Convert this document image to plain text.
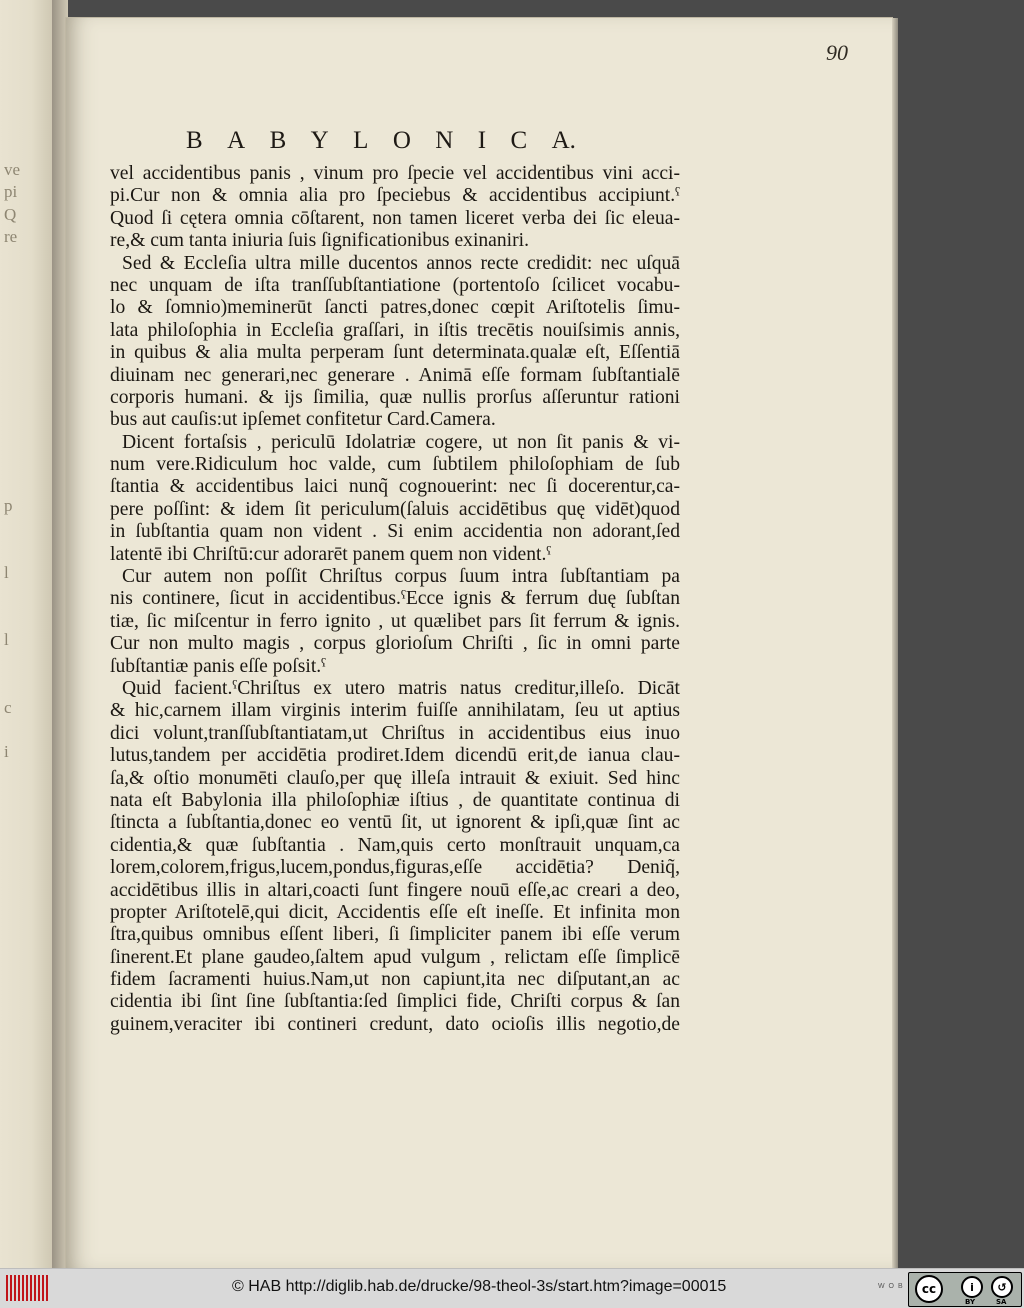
ve
pi
Q
re
p
l
l
c
i
90
B A B Y L O N I C A.
vel accidentibus panis , vinum pro ſpecie vel accidentibus vini acci-
pi.Cur non & omnia alia pro ſpeciebus & accidentibus accipiunt.ˁ
Quod ſi cętera omnia cōſtarent, non tamen liceret verba dei ſic eleua-
re,& cum tanta iniuria ſuis ſignificationibus exinaniri.
Sed & Eccleſia ultra mille ducentos annos recte credidit: nec uſquā
nec unquam de iſta tranſſubſtantiatione (portentoſo ſcilicet vocabu-
lo & ſomnio)meminerūt ſancti patres,donec cœpit Ariſtotelis ſimu-
lata philoſophia in Eccleſia graſſari, in iſtis trecētis nouiſsimis annis,
in quibus & alia multa perperam ſunt determinata.qualæ eſt, Eſſentiā
diuinam nec generari,nec generare . Animā eſſe formam ſubſtantialē
corporis humani. & ijs ſimilia, quæ nullis prorſus aſſeruntur rationi
bus aut cauſis:ut ipſemet confitetur Card.Camera.
Dicent fortaſsis , periculū Idolatriæ cogere, ut non ſit panis & vi-
num vere.Ridiculum hoc valde, cum ſubtilem philoſophiam de ſub
ſtantia & accidentibus laici nunq̃ cognouerint: nec ſi docerentur,ca-
pere poſſint: & idem ſit periculum(ſaluis accidētibus quę vidēt)quod
in ſubſtantia quam non vident . Si enim accidentia non adorant,ſed
latentē ibi Chriſtū:cur adorarēt panem quem non vident.ˁ
Cur autem non poſſit Chriſtus corpus ſuum intra ſubſtantiam pa
nis continere, ſicut in accidentibus.ˁEcce ignis & ferrum duę ſubſtan
tiæ, ſic miſcentur in ferro ignito , ut quælibet pars ſit ferrum & ignis.
Cur non multo magis , corpus glorioſum Chriſti , ſic in omni parte
ſubſtantiæ panis eſſe poſsit.ˁ
Quid facient.ˁChriſtus ex utero matris natus creditur,illeſo. Dicāt
& hic,carnem illam virginis interim fuiſſe annihilatam, ſeu ut aptius
dici volunt,tranſſubſtantiatam,ut Chriſtus in accidentibus eius inuo
lutus,tandem per accidētia prodiret.Idem dicendū erit,de ianua clau-
ſa,& oſtio monumēti clauſo,per quę illeſa intrauit & exiuit. Sed hinc
nata eſt Babylonia illa philoſophiæ iſtius , de quantitate continua di
ſtincta a ſubſtantia,donec eo ventū ſit, ut ignorent & ipſi,quæ ſint ac
cidentia,& quæ ſubſtantia . Nam,quis certo monſtrauit unquam,ca
lorem,colorem,frigus,lucem,pondus,figuras,eſſe accidētia? Deniq̃,
accidētibus illis in altari,coacti ſunt fingere nouū eſſe,ac creari a deo,
propter Ariſtotelē,qui dicit, Accidentis eſſe eſt ineſſe. Et infinita mon
ſtra,quibus omnibus eſſent liberi, ſi ſimpliciter panem ibi eſſe verum
ſinerent.Et plane gaudeo,ſaltem apud vulgum , relictam eſſe ſimplicē
fidem ſacramenti huius.Nam,ut non capiunt,ita nec diſputant,an ac
cidentia ibi ſint ſine ſubſtantia:ſed ſimplici fide, Chriſti corpus & ſan
guinem,veraciter ibi contineri credunt, dato ocioſis illis negotio,de
© HAB http://diglib.hab.de/drucke/98-theol-3s/start.htm?image=00015	W O B	cc	i	↺
BY	SA
